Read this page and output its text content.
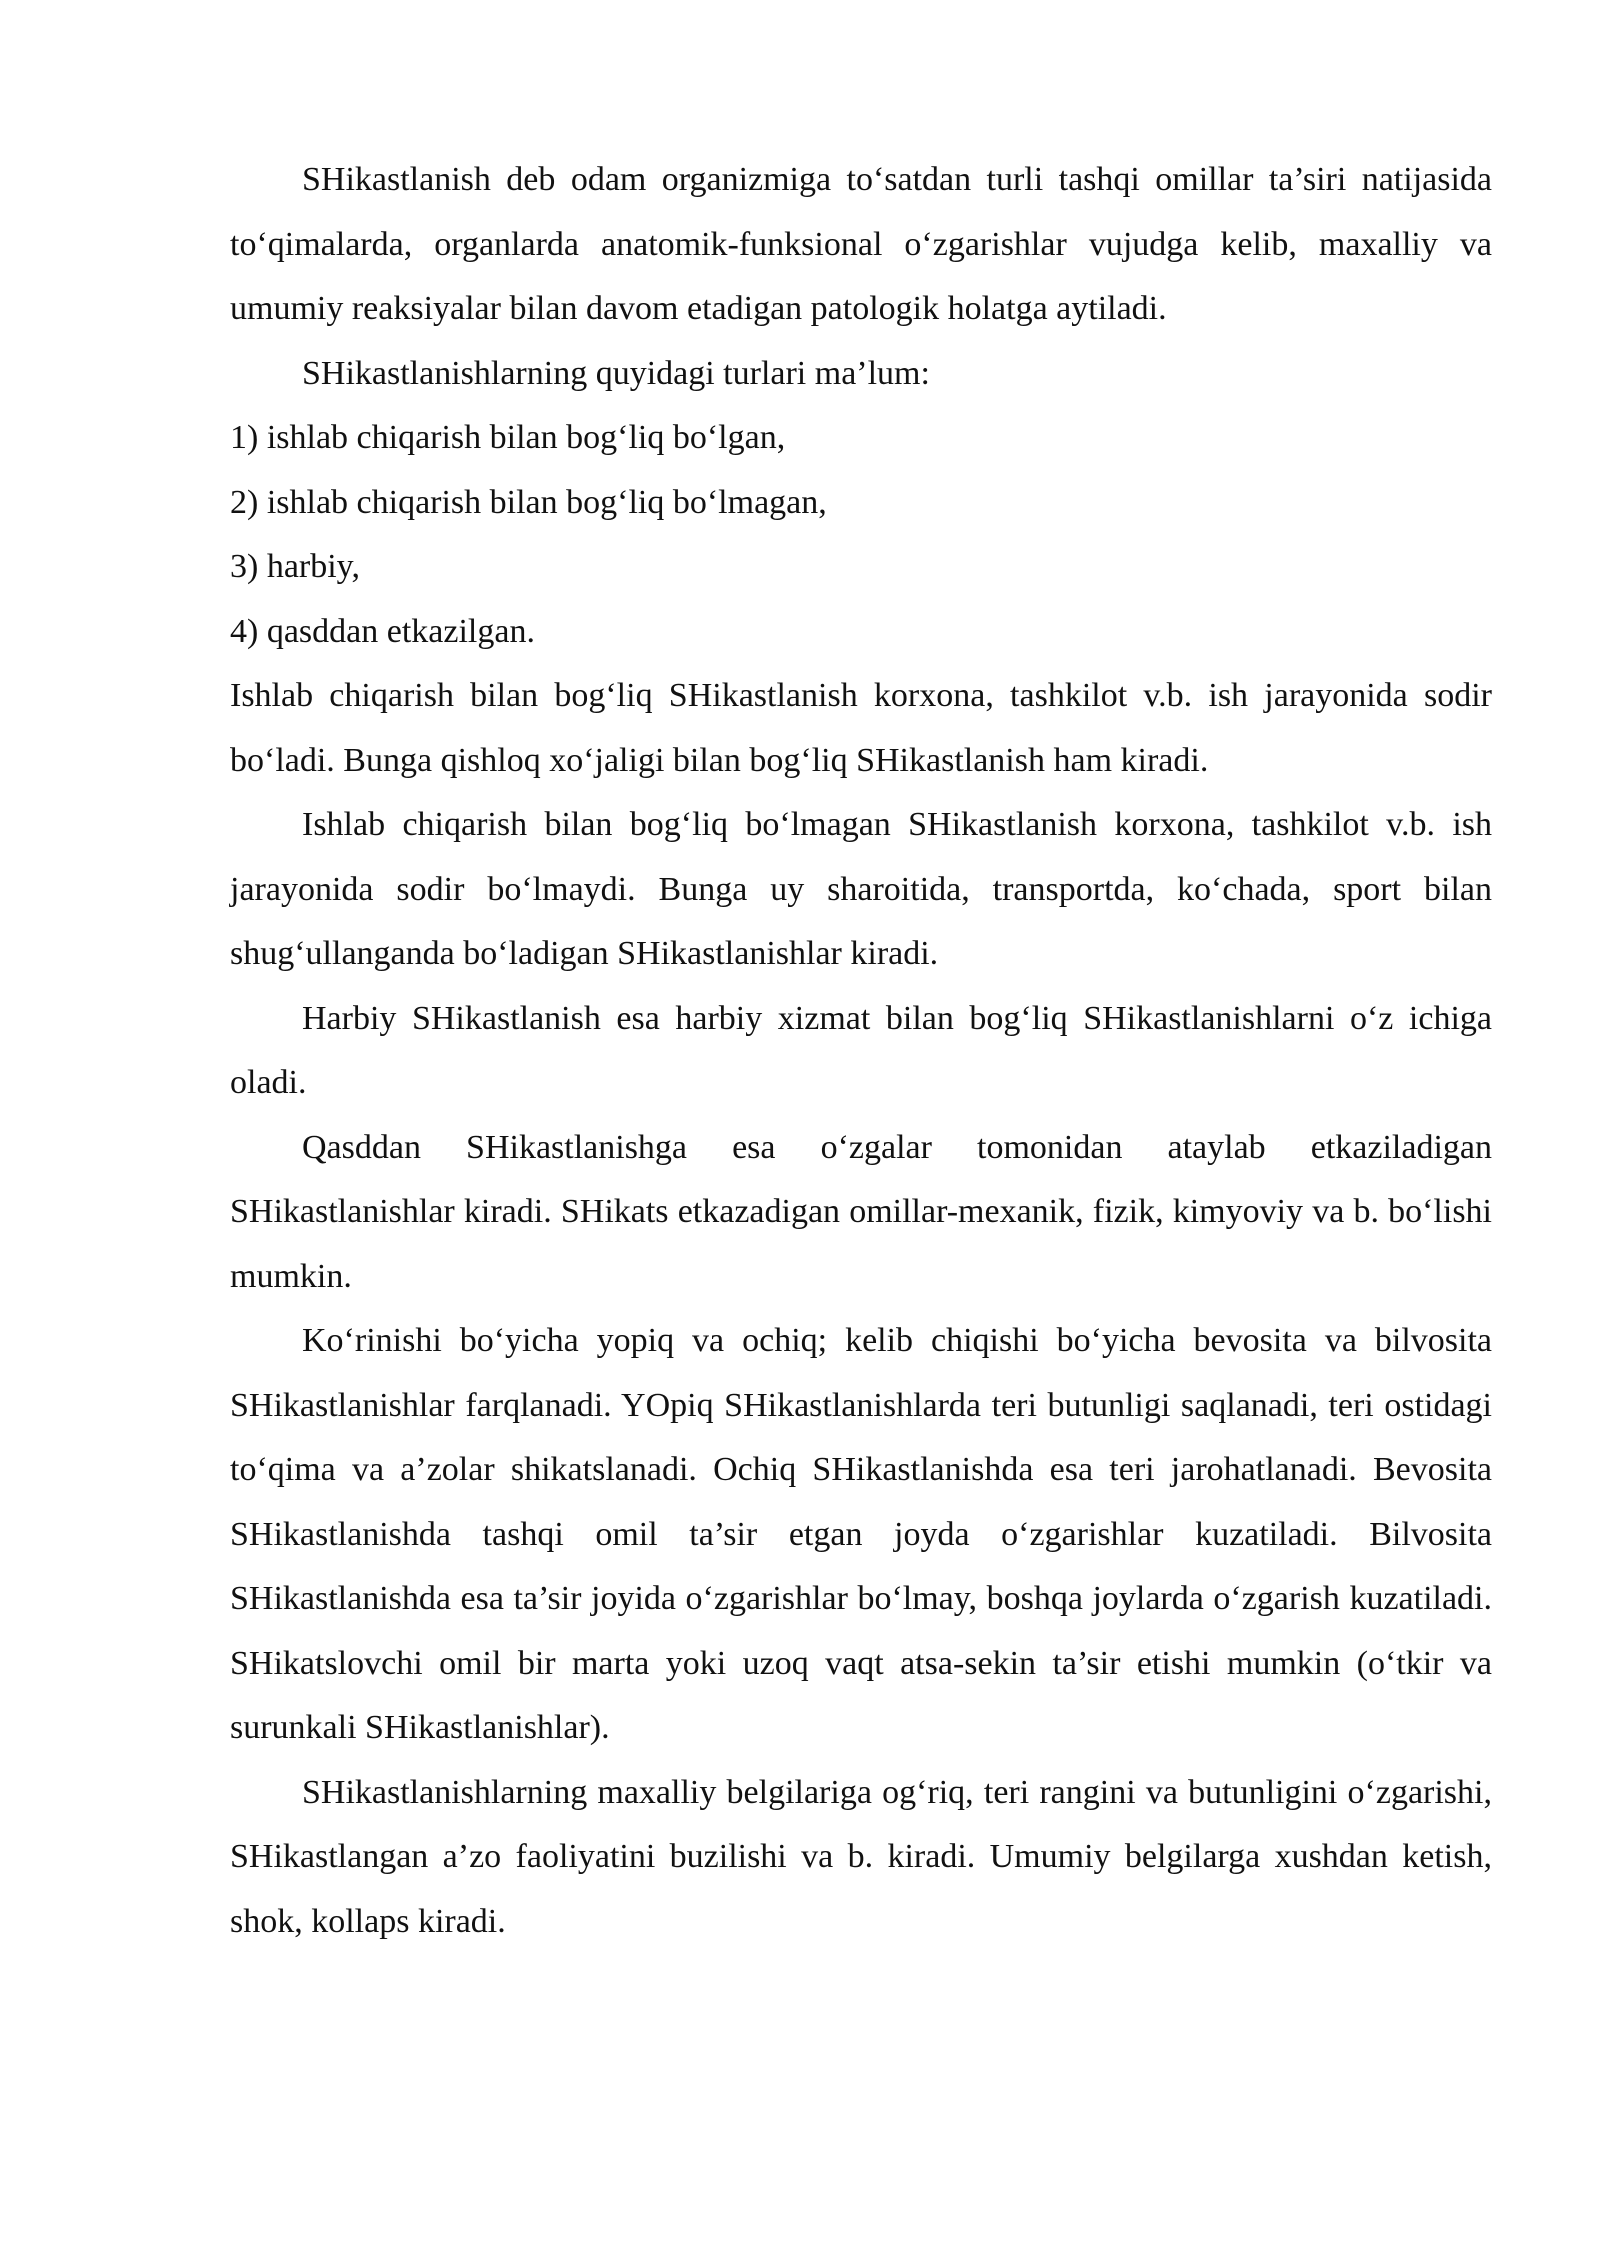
SHikastlanish deb odam organizmiga to‘satdan turli tashqi omillar ta’siri natijasida to‘qimalarda, organlarda anatomik-funksional o‘zgarishlar vujudga kelib, maxalliy va umumiy reaksiyalar bilan davom etadigan patologik holatga aytiladi.

SHikastlanishlarning quyidagi turlari ma’lum:

1) ishlab chiqarish bilan bog‘liq bo‘lgan,

2) ishlab chiqarish bilan bog‘liq bo‘lmagan,

3) harbiy,

4) qasddan etkazilgan.

Ishlab chiqarish bilan bog‘liq SHikastlanish korxona, tashkilot v.b. ish jarayonida sodir bo‘ladi. Bunga qishloq xo‘jaligi bilan bog‘liq SHikastlanish ham kiradi.

Ishlab chiqarish bilan bog‘liq bo‘lmagan SHikastlanish korxona, tashkilot v.b. ish jarayonida sodir bo‘lmaydi. Bunga uy sharoitida, transportda, ko‘chada, sport bilan shug‘ullanganda bo‘ladigan SHikastlanishlar kiradi.

Harbiy SHikastlanish esa harbiy xizmat bilan bog‘liq SHikastlanishlarni o‘z ichiga oladi.

Qasddan SHikastlanishga esa o‘zgalar tomonidan ataylab etkaziladigan SHikastlanishlar kiradi. SHikats etkazadigan omillar-mexanik, fizik, kimyoviy va b. bo‘lishi mumkin.

Ko‘rinishi bo‘yicha yopiq va ochiq; kelib chiqishi bo‘yicha bevosita va bilvosita SHikastlanishlar farqlanadi. YOpiq SHikastlanishlarda teri butunligi saqlanadi, teri ostidagi to‘qima va a’zolar shikatslanadi. Ochiq SHikastlanishda esa teri jarohatlanadi. Bevosita SHikastlanishda tashqi omil ta’sir etgan joyda o‘zgarishlar kuzatiladi. Bilvosita SHikastlanishda esa ta’sir joyida o‘zgarishlar bo‘lmay, boshqa joylarda o‘zgarish kuzatiladi. SHikatslovchi omil bir marta yoki uzoq vaqt atsa-sekin ta’sir etishi mumkin (o‘tkir va surunkali SHikastlanishlar).

SHikastlanishlarning maxalliy belgilariga og‘riq, teri rangini va butunligini o‘zgarishi, SHikastlangan a’zo faoliyatini buzilishi va b. kiradi. Umumiy belgilarga xushdan ketish, shok, kollaps kiradi.
